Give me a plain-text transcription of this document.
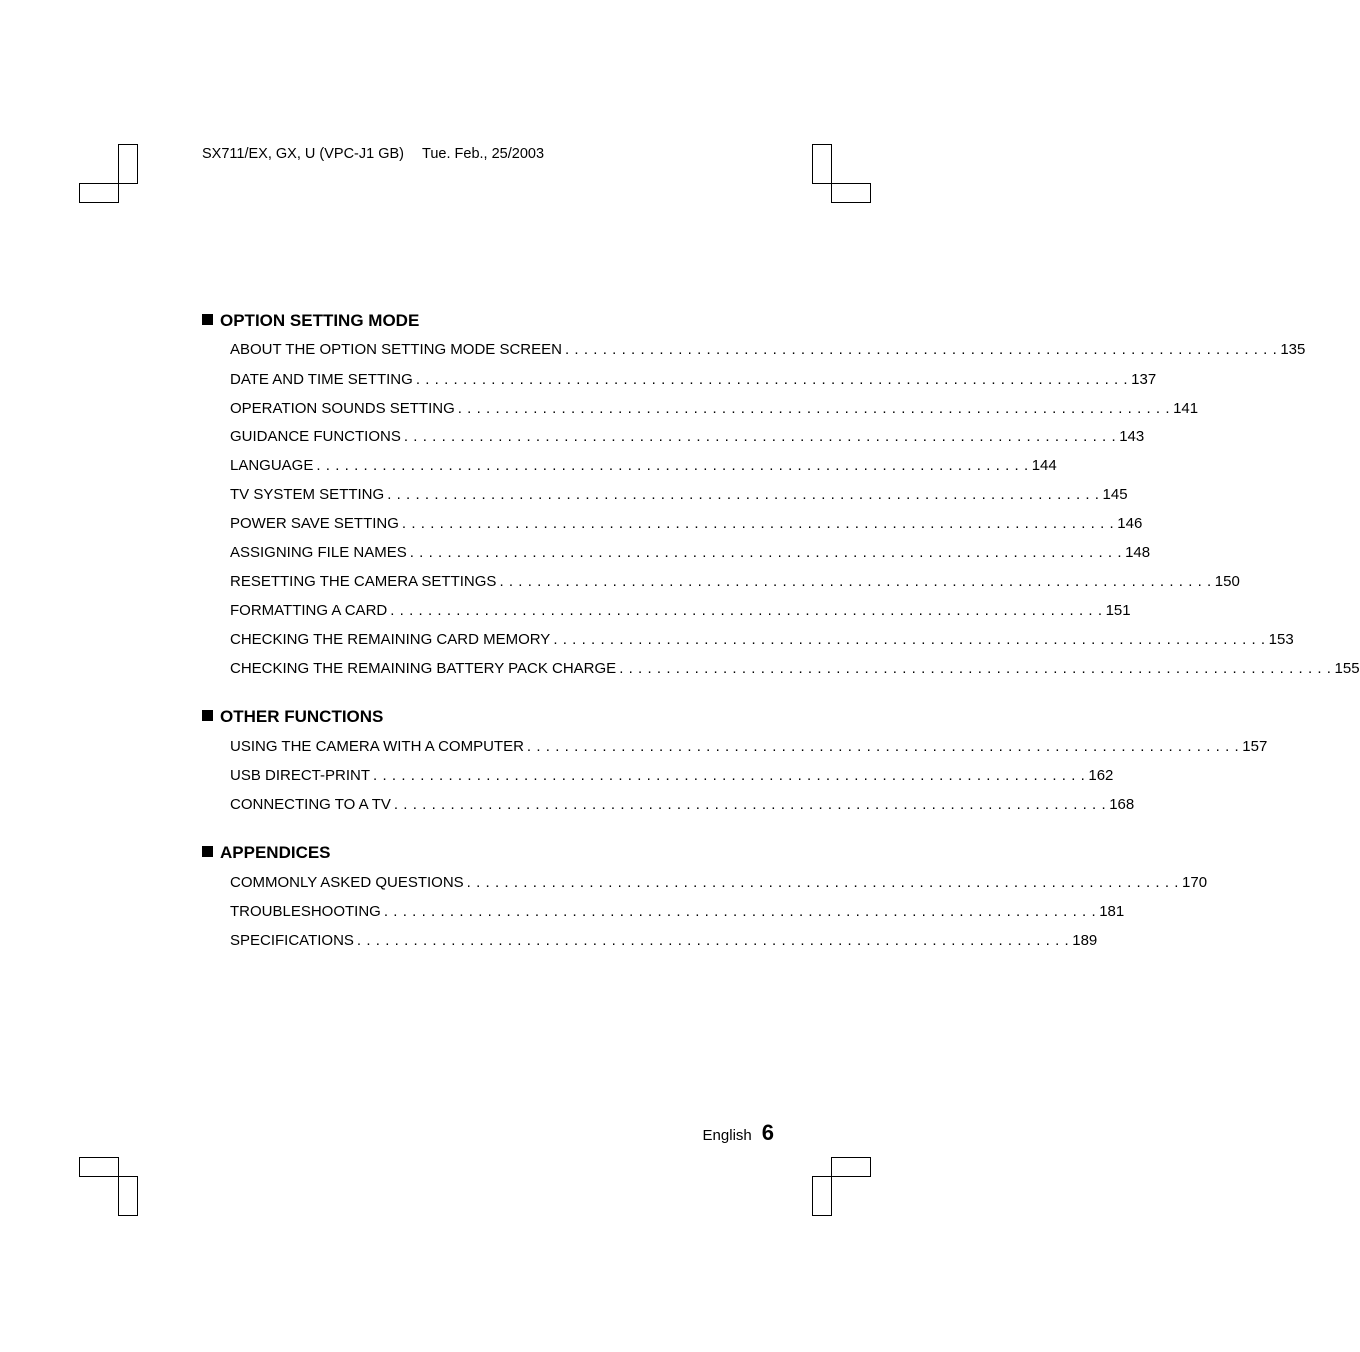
SX711/EX, GX, U (VPC-J1 GB) Tue. Feb., 25/2003
OPTION SETTING MODE
ABOUT THE OPTION SETTING MODE SCREEN . . . . . . . . . . . . . . . . . . . . . . . . . . . . . . . . . . . . . . . . . . . . . . . . . . . . . . . . . . . . . . . . . . . . . . . . . . . . 135
DATE AND TIME SETTING . . . . . . . . . . . . . . . . . . . . . . . . . . . . . . . . . . . . . . . . . . . . . . . . . . . . . . . . . . . . . . . . . . . . . . . . . . . . 137
OPERATION SOUNDS SETTING . . . . . . . . . . . . . . . . . . . . . . . . . . . . . . . . . . . . . . . . . . . . . . . . . . . . . . . . . . . . . . . . . . . . . . . . . . . . 141
GUIDANCE FUNCTIONS . . . . . . . . . . . . . . . . . . . . . . . . . . . . . . . . . . . . . . . . . . . . . . . . . . . . . . . . . . . . . . . . . . . . . . . . . . . . 143
LANGUAGE . . . . . . . . . . . . . . . . . . . . . . . . . . . . . . . . . . . . . . . . . . . . . . . . . . . . . . . . . . . . . . . . . . . . . . . . . . . . 144
TV SYSTEM SETTING . . . . . . . . . . . . . . . . . . . . . . . . . . . . . . . . . . . . . . . . . . . . . . . . . . . . . . . . . . . . . . . . . . . . . . . . . . . . 145
POWER SAVE SETTING . . . . . . . . . . . . . . . . . . . . . . . . . . . . . . . . . . . . . . . . . . . . . . . . . . . . . . . . . . . . . . . . . . . . . . . . . . . . 146
ASSIGNING FILE NAMES . . . . . . . . . . . . . . . . . . . . . . . . . . . . . . . . . . . . . . . . . . . . . . . . . . . . . . . . . . . . . . . . . . . . . . . . . . . . 148
RESETTING THE CAMERA SETTINGS . . . . . . . . . . . . . . . . . . . . . . . . . . . . . . . . . . . . . . . . . . . . . . . . . . . . . . . . . . . . . . . . . . . . . . . . . . . . 150
FORMATTING A CARD . . . . . . . . . . . . . . . . . . . . . . . . . . . . . . . . . . . . . . . . . . . . . . . . . . . . . . . . . . . . . . . . . . . . . . . . . . . . 151
CHECKING THE REMAINING CARD MEMORY . . . . . . . . . . . . . . . . . . . . . . . . . . . . . . . . . . . . . . . . . . . . . . . . . . . . . . . . . . . . . . . . . . . . . . . . . . . . 153
CHECKING THE REMAINING BATTERY PACK CHARGE . . . . . . . . . . . . . . . . . . . . . . . . . . . . . . . . . . . . . . . . . . . . . . . . . . . . . . . . . . . . . . . . . . . . . . . . . . . . 155
OTHER FUNCTIONS
USING THE CAMERA WITH A COMPUTER . . . . . . . . . . . . . . . . . . . . . . . . . . . . . . . . . . . . . . . . . . . . . . . . . . . . . . . . . . . . . . . . . . . . . . . . . . . . 157
USB DIRECT-PRINT . . . . . . . . . . . . . . . . . . . . . . . . . . . . . . . . . . . . . . . . . . . . . . . . . . . . . . . . . . . . . . . . . . . . . . . . . . . . 162
CONNECTING TO A TV . . . . . . . . . . . . . . . . . . . . . . . . . . . . . . . . . . . . . . . . . . . . . . . . . . . . . . . . . . . . . . . . . . . . . . . . . . . . 168
APPENDICES
COMMONLY ASKED QUESTIONS . . . . . . . . . . . . . . . . . . . . . . . . . . . . . . . . . . . . . . . . . . . . . . . . . . . . . . . . . . . . . . . . . . . . . . . . . . . . 170
TROUBLESHOOTING . . . . . . . . . . . . . . . . . . . . . . . . . . . . . . . . . . . . . . . . . . . . . . . . . . . . . . . . . . . . . . . . . . . . . . . . . . . . 181
SPECIFICATIONS . . . . . . . . . . . . . . . . . . . . . . . . . . . . . . . . . . . . . . . . . . . . . . . . . . . . . . . . . . . . . . . . . . . . . . . . . . . . 189
English 6
